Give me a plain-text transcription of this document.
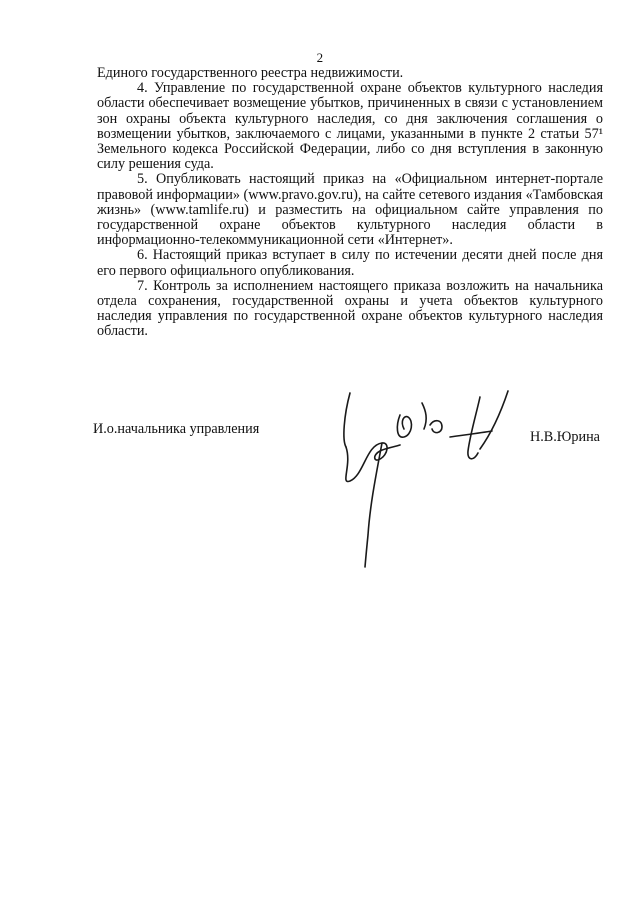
2

Единого государственного реестра недвижимости.

4. Управление по государственной охране объектов культурного наследия области обеспечивает возмещение убытков, причиненных в связи с установлением зон охраны объекта культурного наследия, со дня заключения соглашения о возмещении убытков, заключаемого с лицами, указанными в пункте 2 статьи 57¹ Земельного кодекса Российской Федерации, либо со дня вступления в законную силу решения суда.

5. Опубликовать настоящий приказ на «Официальном интернет-портале правовой информации» (www.pravo.gov.ru), на сайте сетевого издания «Тамбовская жизнь» (www.tamlife.ru) и разместить на официальном сайте управления по государственной охране объектов культурного наследия области в информационно-телекоммуникационной сети «Интернет».

6. Настоящий приказ вступает в силу по истечении десяти дней после дня его первого официального опубликования.

7. Контроль за исполнением настоящего приказа возложить на начальника отдела сохранения, государственной охраны и учета объектов культурного наследия управления по государственной охране объектов культурного наследия области.

И.о.начальника управления	Н.В.Юрина
